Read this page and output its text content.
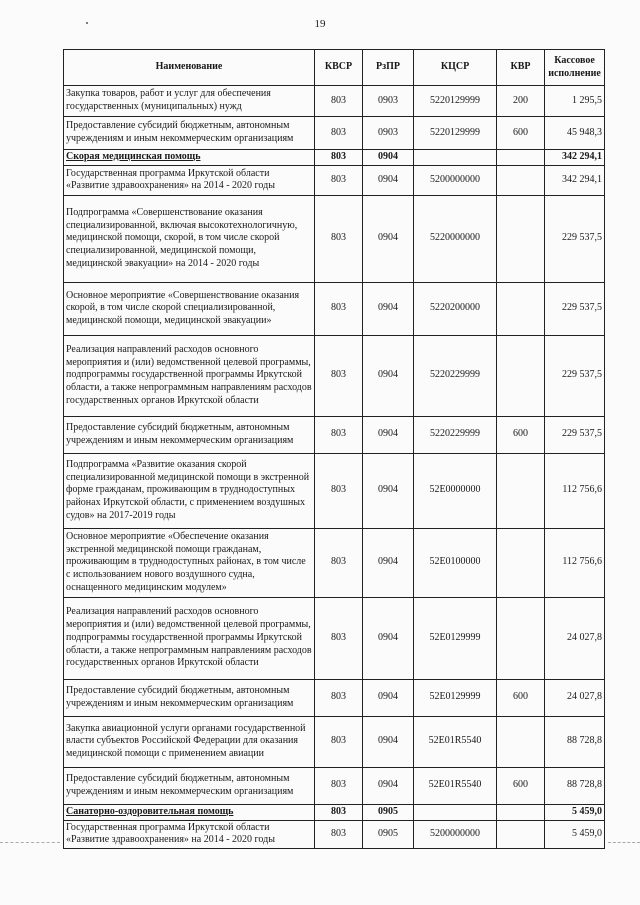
19
Наименование	КВСР	РзПР	КЦСР	КВР	Кассовое исполнение
Закупка товаров, работ и услуг для обеспечения государственных (муниципальных) нужд	803	0903	5220129999	200	1 295,5
Предоставление субсидий бюджетным, автономным учреждениям и иным некоммерческим организациям	803	0903	5220129999	600	45 948,3
Скорая медицинская помощь	803	0904			342 294,1
Государственная программа Иркутской области «Развитие здравоохранения» на 2014 - 2020 годы	803	0904	5200000000		342 294,1
Подпрограмма «Совершенствование оказания специализированной, включая высокотехнологичную, медицинской помощи, скорой, в том числе скорой специализированной, медицинской помощи, медицинской эвакуации» на 2014 - 2020 годы	803	0904	5220000000		229 537,5
Основное мероприятие «Совершенствование оказания скорой, в том числе скорой специализированной, медицинской помощи, медицинской эвакуации»	803	0904	5220200000		229 537,5
Реализация направлений расходов основного мероприятия и (или) ведомственной целевой программы, подпрограммы государственной программы Иркутской области, а также непрограммным направлениям расходов государственных органов Иркутской области	803	0904	5220229999		229 537,5
Предоставление субсидий бюджетным, автономным учреждениям и иным некоммерческим организациям	803	0904	5220229999	600	229 537,5
Подпрограмма «Развитие оказания скорой специализированной медицинской помощи в экстренной форме гражданам, проживающим в труднодоступных районах Иркутской области, с применением воздушных судов» на 2017-2019 годы	803	0904	52Е0000000		112 756,6
Основное мероприятие «Обеспечение оказания экстренной медицинской помощи гражданам, проживающим в труднодоступных районах, в том числе с использованием нового воздушного судна, оснащенного медицинским модулем»	803	0904	52Е0100000		112 756,6
Реализация направлений расходов основного мероприятия и (или) ведомственной целевой программы, подпрограммы государственной программы Иркутской области, а также непрограммным направлениям расходов государственных органов Иркутской области	803	0904	52Е0129999		24 027,8
Предоставление субсидий бюджетным, автономным учреждениям и иным некоммерческим организациям	803	0904	52Е0129999	600	24 027,8
Закупка авиационной услуги органами государственной власти субъектов Российской Федерации для оказания медицинской помощи с применением авиации	803	0904	52Е01R5540		88 728,8
Предоставление субсидий бюджетным, автономным учреждениям и иным некоммерческим организациям	803	0904	52Е01R5540	600	88 728,8
Санаторно-оздоровительная помощь	803	0905			5 459,0
Государственная программа Иркутской области «Развитие здравоохранения» на 2014 - 2020 годы	803	0905	5200000000		5 459,0
